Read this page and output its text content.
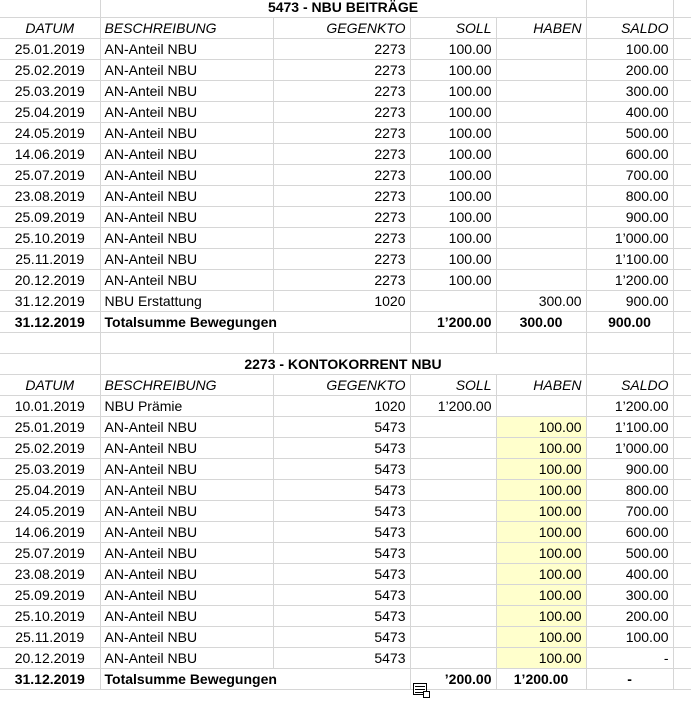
	5473 - NBU BEITRÄGE					
DATUM	BESCHREIBUNG	GEGENKTO	SOLL	HABEN	SALDO	
25.01.2019	AN-Anteil NBU	2273	100.00		100.00	
25.02.2019	AN-Anteil NBU	2273	100.00		200.00	
25.03.2019	AN-Anteil NBU	2273	100.00		300.00	
25.04.2019	AN-Anteil NBU	2273	100.00		400.00	
24.05.2019	AN-Anteil NBU	2273	100.00		500.00	
14.06.2019	AN-Anteil NBU	2273	100.00		600.00	
25.07.2019	AN-Anteil NBU	2273	100.00		700.00	
23.08.2019	AN-Anteil NBU	2273	100.00		800.00	
25.09.2019	AN-Anteil NBU	2273	100.00		900.00	
25.10.2019	AN-Anteil NBU	2273	100.00		1’000.00	
25.11.2019	AN-Anteil NBU	2273	100.00		1’100.00	
20.12.2019	AN-Anteil NBU	2273	100.00		1’200.00	
31.12.2019	NBU Erstattung	1020		300.00	900.00	
31.12.2019	Totalsumme Bewegungen		1’200.00	300.00	900.00	

	2273 - KONTOKORRENT NBU					
DATUM	BESCHREIBUNG	GEGENKTO	SOLL	HABEN	SALDO	
10.01.2019	NBU Prämie	1020	1’200.00		1’200.00	
25.01.2019	AN-Anteil NBU	5473		100.00	1’100.00	
25.02.2019	AN-Anteil NBU	5473		100.00	1’000.00	
25.03.2019	AN-Anteil NBU	5473		100.00	900.00	
25.04.2019	AN-Anteil NBU	5473		100.00	800.00	
24.05.2019	AN-Anteil NBU	5473		100.00	700.00	
14.06.2019	AN-Anteil NBU	5473		100.00	600.00	
25.07.2019	AN-Anteil NBU	5473		100.00	500.00	
23.08.2019	AN-Anteil NBU	5473		100.00	400.00	
25.09.2019	AN-Anteil NBU	5473		100.00	300.00	
25.10.2019	AN-Anteil NBU	5473		100.00	200.00	
25.11.2019	AN-Anteil NBU	5473		100.00	100.00	
20.12.2019	AN-Anteil NBU	5473		100.00	-	
31.12.2019	Totalsumme Bewegungen		’200.00	1’200.00	-	
